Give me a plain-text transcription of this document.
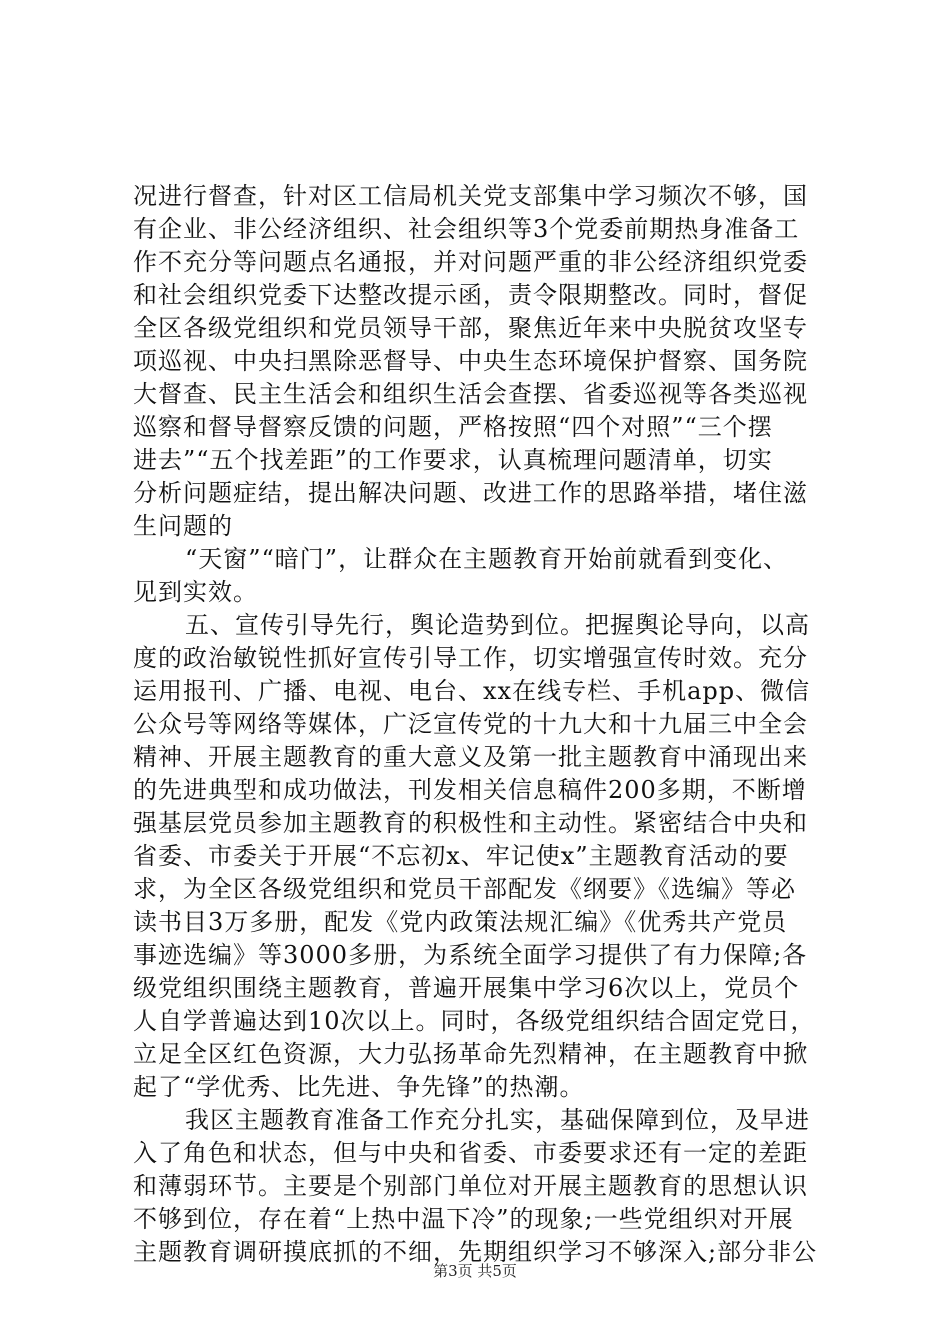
况进行督查，针对区工信局机关党支部集中学习频次不够，国
有企业、非公经济组织、社会组织等3个党委前期热身准备工
作不充分等问题点名通报，并对问题严重的非公经济组织党委
和社会组织党委下达整改提示函，责令限期整改。同时，督促
全区各级党组织和党员领导干部，聚焦近年来中央脱贫攻坚专
项巡视、中央扫黑除恶督导、中央生态环境保护督察、国务院
大督查、民主生活会和组织生活会查摆、省委巡视等各类巡视
巡察和督导督察反馈的问题，严格按照“四个对照”“三个摆
进去”“五个找差距”的工作要求，认真梳理问题清单，切实
分析问题症结，提出解决问题、改进工作的思路举措，堵住滋
生问题的
“天窗”“暗门”，让群众在主题教育开始前就看到变化、
见到实效。
五、宣传引导先行，舆论造势到位。把握舆论导向，以高
度的政治敏锐性抓好宣传引导工作，切实增强宣传时效。充分
运用报刊、广播、电视、电台、xx在线专栏、手机app、微信
公众号等网络等媒体，广泛宣传党的十九大和十九届三中全会
精神、开展主题教育的重大意义及第一批主题教育中涌现出来
的先进典型和成功做法，刊发相关信息稿件200多期，不断增
强基层党员参加主题教育的积极性和主动性。紧密结合中央和
省委、市委关于开展“不忘初x、牢记使x”主题教育活动的要
求，为全区各级党组织和党员干部配发《纲要》《选编》等必
读书目3万多册，配发《党内政策法规汇编》《优秀共产党员
事迹选编》等3000多册，为系统全面学习提供了有力保障;各
级党组织围绕主题教育，普遍开展集中学习6次以上，党员个
人自学普遍达到10次以上。同时，各级党组织结合固定党日，
立足全区红色资源，大力弘扬革命先烈精神，在主题教育中掀
起了“学优秀、比先进、争先锋”的热潮。
我区主题教育准备工作充分扎实，基础保障到位，及早进
入了角色和状态，但与中央和省委、市委要求还有一定的差距
和薄弱环节。主要是个别部门单位对开展主题教育的思想认识
不够到位，存在着“上热中温下冷”的现象;一些党组织对开展
主题教育调研摸底抓的不细，先期组织学习不够深入;部分非公
第3页 共5页
